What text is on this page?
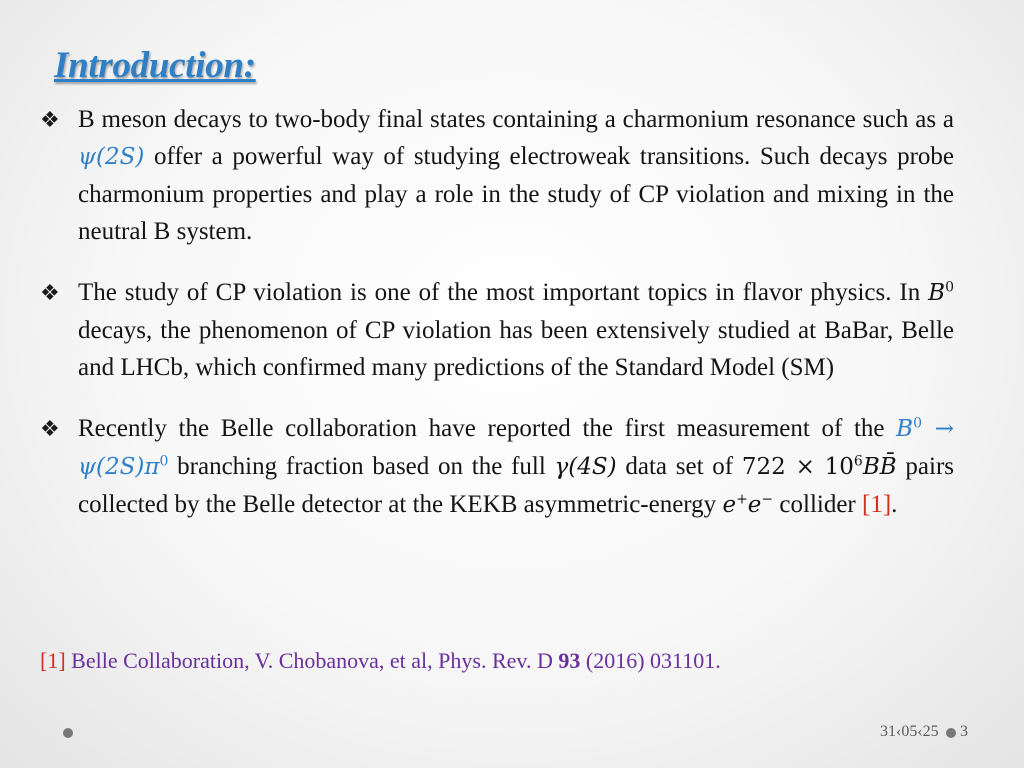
Introduction:
❖ B meson decays to two-body final states containing a charmonium resonance such as a ψ(2S) offer a powerful way of studying electroweak transitions. Such decays probe charmonium properties and play a role in the study of CP violation and mixing in the neutral B system.
❖ The study of CP violation is one of the most important topics in flavor physics. In $B^0$ decays, the phenomenon of CP violation has been extensively studied at BaBar, Belle and LHCb, which confirmed many predictions of the Standard Model (SM)
❖ Recently the Belle collaboration have reported the first measurement of the $B^0 \to \psi(2S)\pi^0$ branching fraction based on the full γ(4S) data set of $722 \times 10^6BB̄$ pairs collected by the Belle detector at the KEKB asymmetric-energy e+e− collider [1].
[1] Belle Collaboration, V. Chobanova, et al, Phys. Rev. D 93 (2016) 031101.
31‹05‹25 3
